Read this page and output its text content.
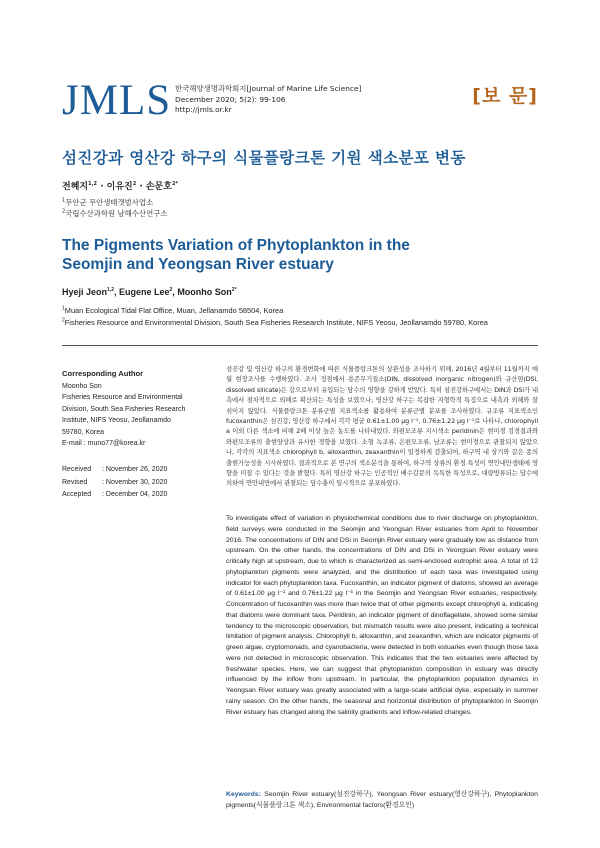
JMLS 한국해양생명과학회지[Journal of Marine Life Science]
December 2020; 5(2): 99-106
http://jmls.or.kr
[보 문]
섬진강과 영산강 하구의 식물플랑크톤 기원 색소분포 변동
전혜지$^{1,2}$ · 이유진$^2$ · 손문호$^{2*}$
$^1$무안군 무안생태갯벌사업소
$^2$국립수산과학원 남해수산연구소
The Pigments Variation of Phytoplankton in the
Seomjin and Yeongsan River estuary
Hyeji Jeon$^{1,2}$, Eugene Lee$^2$, Moonho Son$^{2*}$
$^1$Muan Ecological Tidal Flat Office, Muan, Jellanamdo 58504, Korea
$^2$Fisheries Resource and Environmental Division, South Sea Fisheries Research Institute, NIFS Yeosu, Jeollanamdo 59780, Korea
Corresponding Author
Moonho Son
Fisheries Resource and Environmental
Division, South Sea Fisheries Research
Institute, NIFS Yeosu, Jeollanamdo
59780, Korea
E-mail : muno77@korea.kr
Received : November 26, 2020
Revised : November 30, 2020
Accepted : December 04, 2020
섬진강 및 영산강 하구의 환경변화에 따른 식물플랑크톤의 상관성을 조사하기 위해, 2016년 4월부터 11월까지 매월 현장조사를 수행하였다. 조사 정점에서 용존무기질소(DIN, dissolved inorganic nitrogen)와 규산염(DSi, dissolved silicate)은 강으로부터 유입되는 담수의 영향을 강하게 받았다. 특히 섬진강하구에서는 DIN과 DSi가 내측에서 점차적으로 외해로 확산되는 특성을 보였으나, 영산강 하구는 복잡한 지형학적 특징으로 내측과 외해와 잘 섞이지 않았다. 식물플랑크톤 분류군별 지표색소를 활용하여 분류군별 분포를 조사하였다. 규조류 지표색소인 fucoxanthin은 섬진강, 영산강 하구에서 각각 평균 0.61±1.00 μg l⁻¹, 0.76±1.22 μg l⁻¹로 나타나, chlorophyll a 이외 다른 색소에 비해 2배 이상 높은 농도를 나타내었다. 와편모조류 지시색소 peridinin은 현미경 검경결과와 와편모조류의 출현양상과 유사한 경향을 보였다. 소형 녹조류, 은편모조류, 남조류는 현미경으로 관찰되지 않았으나, 각각의 지표색소 chlorophyll b, alloxanthin, zeaxanthin이 일정하게 검출되어, 하구역 내 상기와 같은 종의 출현가능성을 시사하였다. 결과적으로 본 연구의 색소분석을 통하여, 하구역 상류의 환경 특성이 연안내만생태에 영향을 미칠 수 있다는 것을 밝혔다. 특히 영산강 하구는 인공적인 배수갑문의 독특한 특성으로, 대량방류되는 담수에 의하여 연안내만에서 관찰되는 담수충이 일시적으로 분포하였다.
To investigate effect of variation in physiochemical conditions due to river discharge on phytoplankton, field surveys were conducted in the Seomjin and Yeongsan River estuaries from April to November 2016. The concentrations of DIN and DSi in Seomjin River estuary were gradually low as distance from upstream. On the other hands, the concentrations of DIN and DSi in Yeongsan River estuary were critically high at upstream, due to which is characterized as semi-enclosed eutrophic area. A total of 12 phytoplankton pigments were analyzed, and the distribution of each taxa was investigated using indicator for each phytoplankton taxa. Fucoxanthin, an indicator pigment of diatoms, showed an average of 0.61±1.00 μg l⁻¹ and 0.76±1.22 μg l⁻¹ in the Seomjin and Yeongsan River estuaries, respectively. Concentration of fucoxanthin was more than twice that of other pigments except chlorophyll a, indicating that diatoms were dominant taxa. Peridinin, an indicator pigment of dinoflagellate, showed some similar tendency to the microscopic observation, but mismatch results were also present, indicating a technical limitation of pigment analysis. Chlorophyll b, alloxanthin, and zeaxanthin, which are indicator pigments of green algae, cryptomonads, and cyanobacteria, were detected in both estuaries even though those taxa were not detected in microscopic observation. This indicates that the two estuaries were affected by freshwater species. Here, we can suggest that phytoplankton composition in estuary was directly influenced by the inflow from upstream. In particular, the phytoplankton population dynamics in Yeongsan River estuary was greatly associated with a large-scale artificial dyke, especially in summer rainy season. On the other hands, the seasonal and horizontal distribution of phytoplankton in Seomjin River estuary has changed along the salinity gradients and inflow-related changes.
Keywords: Seomjin River estuary(섬진강하구), Yeongsan River estuary(영산강하구), Phytoplankton pigments(식물플랑크톤 색소), Environmental factors(환경요인)
